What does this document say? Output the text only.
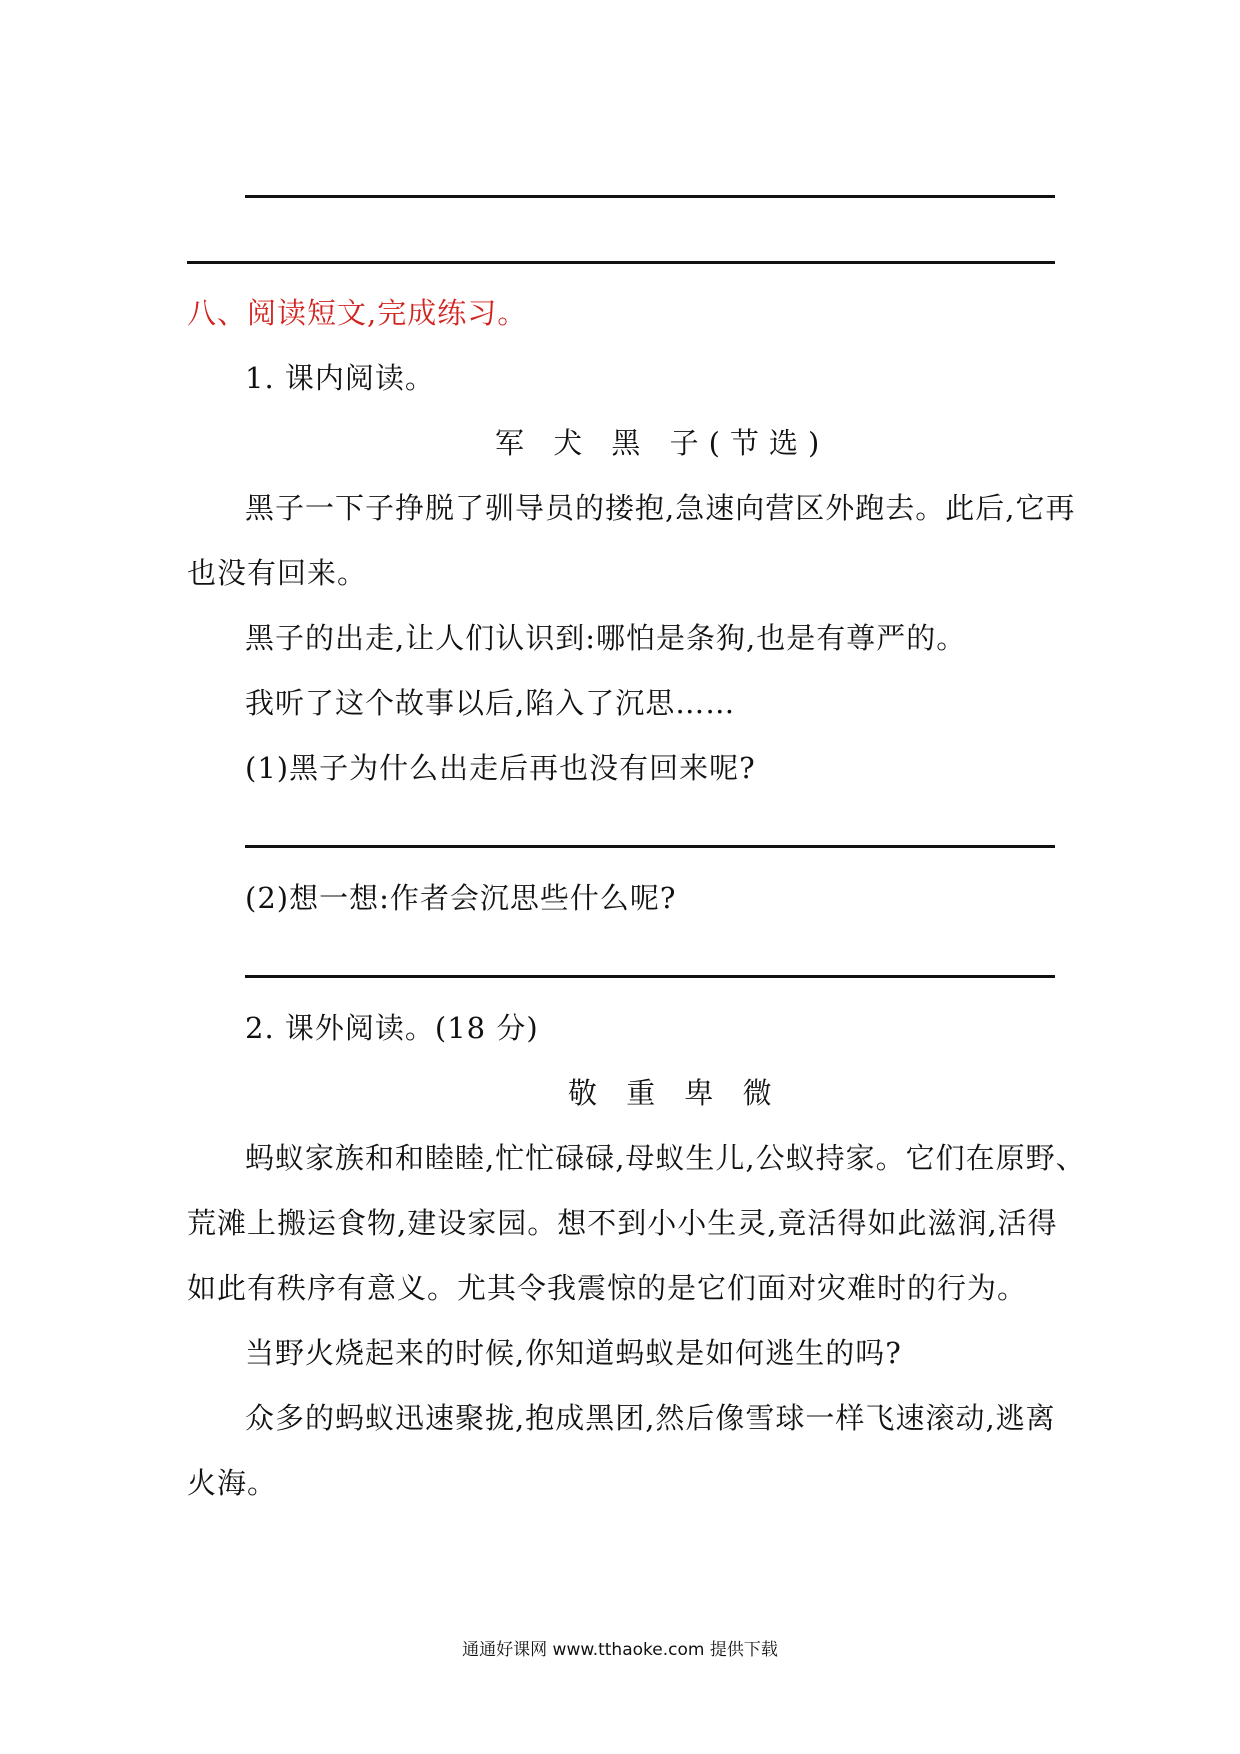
八、阅读短文,完成练习。
1. 课内阅读。
军 犬 黑 子(节选)
黑子一下子挣脱了驯导员的搂抱,急速向营区外跑去。此后,它再
也没有回来。
黑子的出走,让人们认识到:哪怕是条狗,也是有尊严的。
我听了这个故事以后,陷入了沉思……
(1)黑子为什么出走后再也没有回来呢?
(2)想一想:作者会沉思些什么呢?
2. 课外阅读。(18 分)
敬 重 卑 微
蚂蚁家族和和睦睦,忙忙碌碌,母蚁生儿,公蚁持家。它们在原野、
荒滩上搬运食物,建设家园。想不到小小生灵,竟活得如此滋润,活得
如此有秩序有意义。尤其令我震惊的是它们面对灾难时的行为。
当野火烧起来的时候,你知道蚂蚁是如何逃生的吗?
众多的蚂蚁迅速聚拢,抱成黑团,然后像雪球一样飞速滚动,逃离
火海。
通通好课网 www.tthaoke.com 提供下载
